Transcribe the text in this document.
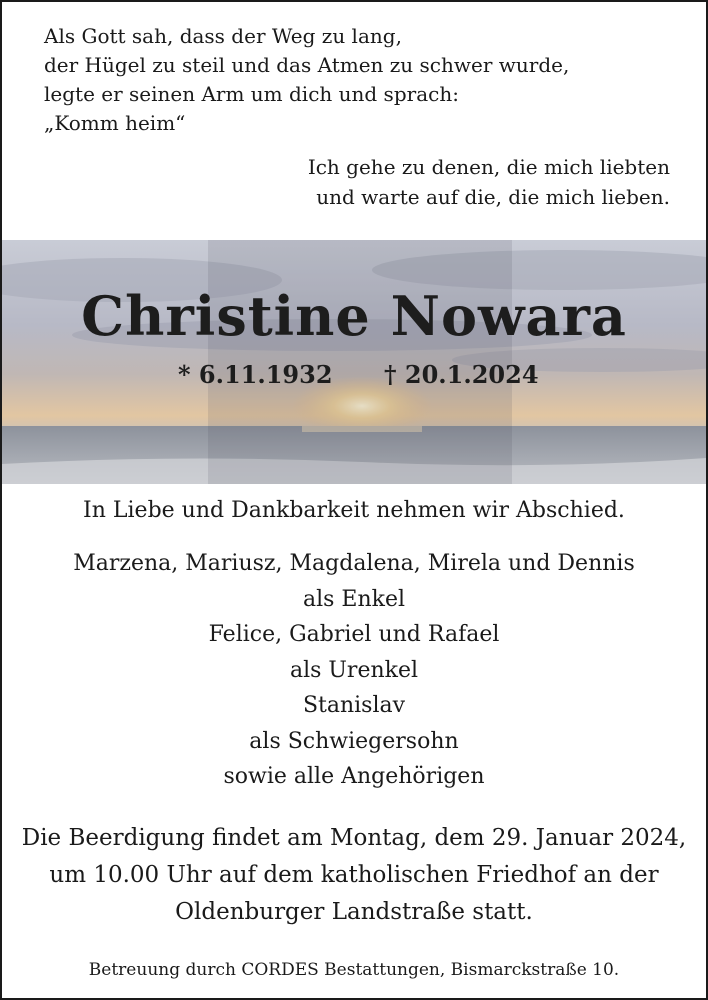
Als Gott sah, dass der Weg zu lang,
der Hügel zu steil und das Atmen zu schwer wurde,
legte er seinen Arm um dich und sprach:
„Komm heim“
Ich gehe zu denen, die mich liebten
und warte auf die, die mich lieben.
Christine Nowara
* 6.11.1932 † 20.1.2024
In Liebe und Dankbarkeit nehmen wir Abschied.
Marzena, Mariusz, Magdalena, Mirela und Dennis
als Enkel
Felice, Gabriel und Rafael
als Urenkel
Stanislav
als Schwiegersohn
sowie alle Angehörigen
Die Beerdigung findet am Montag, dem 29. Januar 2024,
um 10.00 Uhr auf dem katholischen Friedhof an der
Oldenburger Landstraße statt.
Betreuung durch CORDES Bestattungen, Bismarckstraße 10.
